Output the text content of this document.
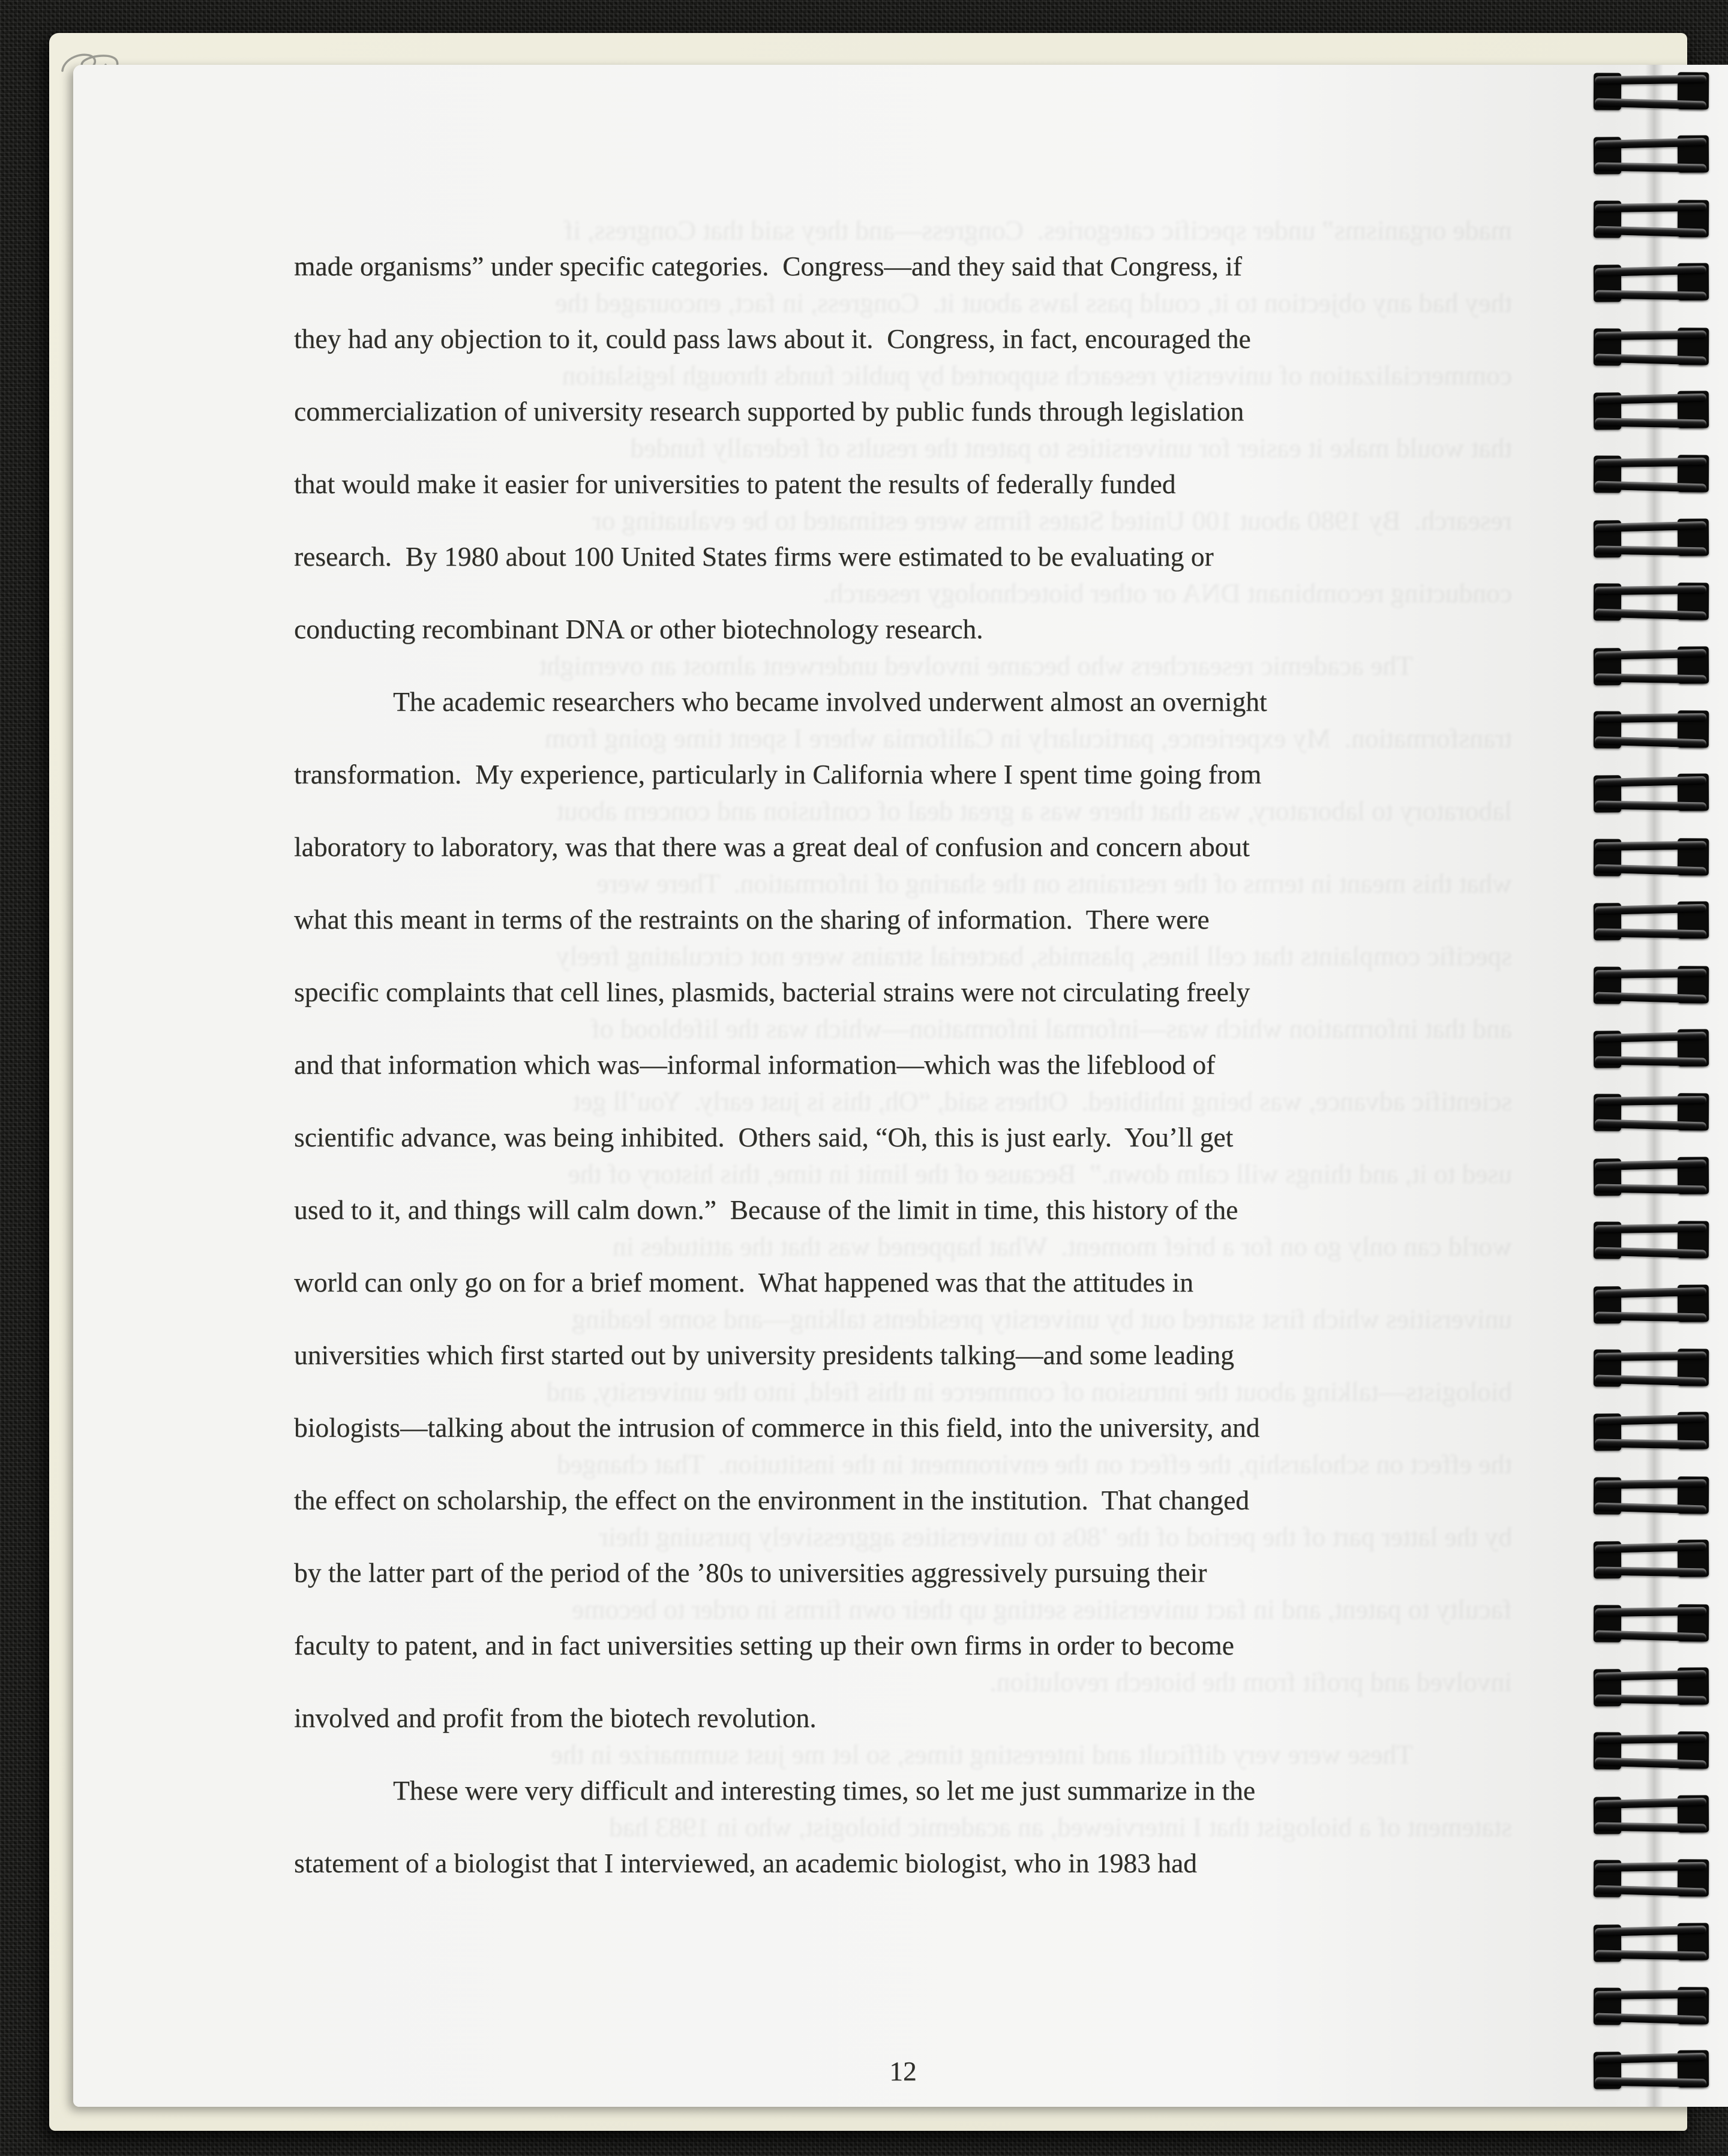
made organisms” under specific categories.  Congress—and they said that Congress, if
they had any objection to it, could pass laws about it.  Congress, in fact, encouraged the
commercialization of university research supported by public funds through legislation
that would make it easier for universities to patent the results of federally funded
research.  By 1980 about 100 United States firms were estimated to be evaluating or
conducting recombinant DNA or other biotechnology research.
The academic researchers who became involved underwent almost an overnight
transformation.  My experience, particularly in California where I spent time going from
laboratory to laboratory, was that there was a great deal of confusion and concern about
what this meant in terms of the restraints on the sharing of information.  There were
specific complaints that cell lines, plasmids, bacterial strains were not circulating freely
and that information which was—informal information—which was the lifeblood of
scientific advance, was being inhibited.  Others said, “Oh, this is just early.  You’ll get
used to it, and things will calm down.”  Because of the limit in time, this history of the
world can only go on for a brief moment.  What happened was that the attitudes in
universities which first started out by university presidents talking—and some leading
biologists—talking about the intrusion of commerce in this field, into the university, and
the effect on scholarship, the effect on the environment in the institution.  That changed
by the latter part of the period of the ’80s to universities aggressively pursuing their
faculty to patent, and in fact universities setting up their own firms in order to become
involved and profit from the biotech revolution.
These were very difficult and interesting times, so let me just summarize in the
statement of a biologist that I interviewed, an academic biologist, who in 1983 had
made organisms” under specific categories.  Congress—and they said that Congress, if
they had any objection to it, could pass laws about it.  Congress, in fact, encouraged the
commercialization of university research supported by public funds through legislation
that would make it easier for universities to patent the results of federally funded
research.  By 1980 about 100 United States firms were estimated to be evaluating or
conducting recombinant DNA or other biotechnology research.
The academic researchers who became involved underwent almost an overnight
transformation.  My experience, particularly in California where I spent time going from
laboratory to laboratory, was that there was a great deal of confusion and concern about
what this meant in terms of the restraints on the sharing of information.  There were
specific complaints that cell lines, plasmids, bacterial strains were not circulating freely
and that information which was—informal information—which was the lifeblood of
scientific advance, was being inhibited.  Others said, “Oh, this is just early.  You’ll get
used to it, and things will calm down.”  Because of the limit in time, this history of the
world can only go on for a brief moment.  What happened was that the attitudes in
universities which first started out by university presidents talking—and some leading
biologists—talking about the intrusion of commerce in this field, into the university, and
the effect on scholarship, the effect on the environment in the institution.  That changed
by the latter part of the period of the ’80s to universities aggressively pursuing their
faculty to patent, and in fact universities setting up their own firms in order to become
involved and profit from the biotech revolution.
These were very difficult and interesting times, so let me just summarize in the
statement of a biologist that I interviewed, an academic biologist, who in 1983 had
12
